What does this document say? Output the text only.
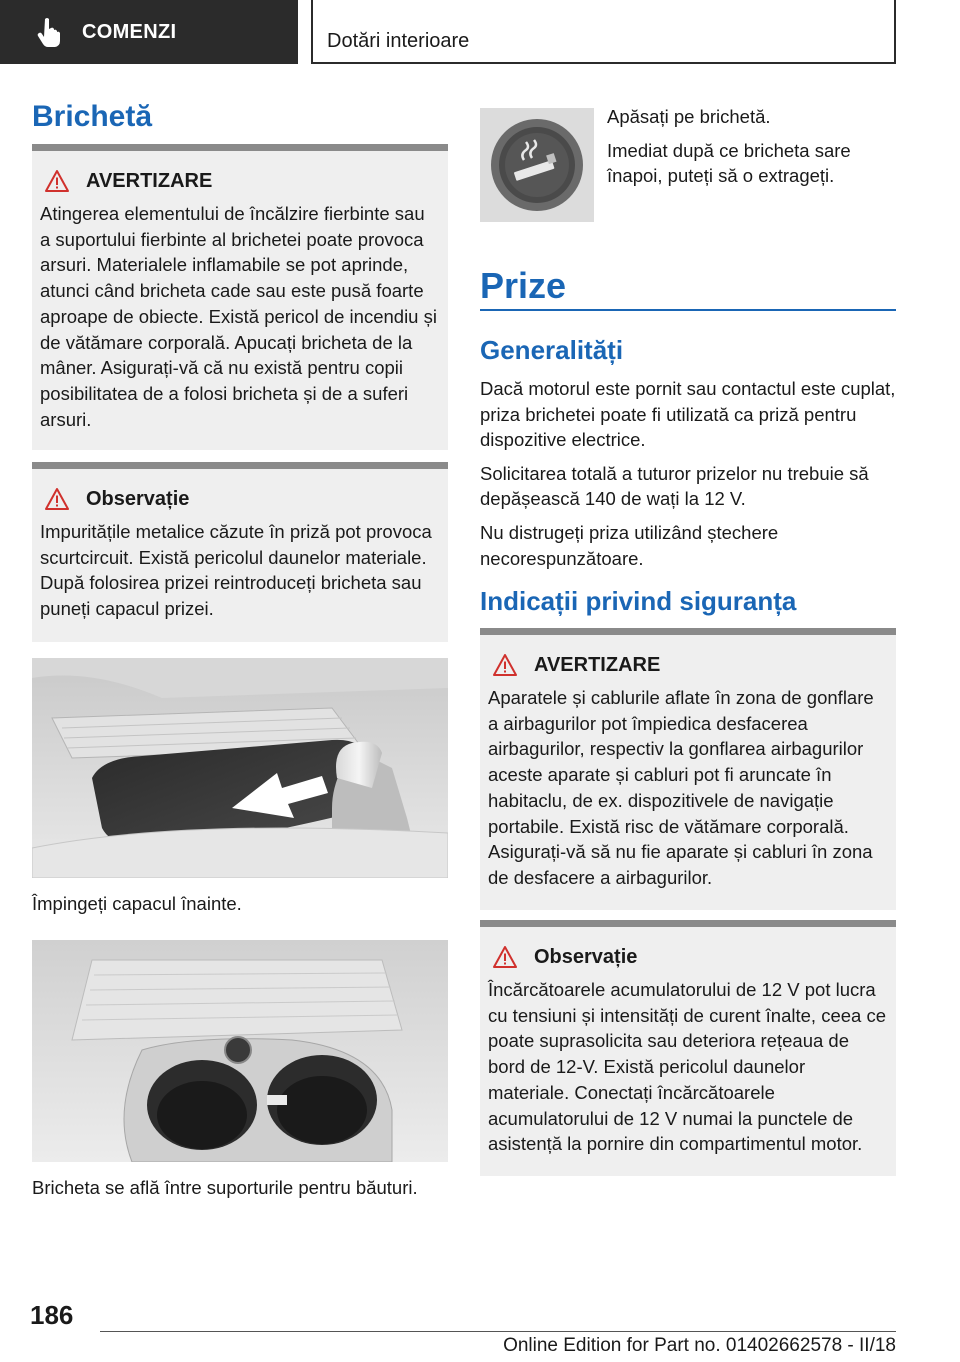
COMENZI	Dotări interioare
Brichetă
AVERTIZARE
Atingerea elementului de încălzire fierbinte sau a suportului fierbinte al brichetei poate provoca arsuri. Materialele inflamabile se pot aprinde, atunci când bricheta cade sau este pusă foarte aproape de obiecte. Există pericol de incendiu și de vătămare corporală. Apucați bricheta de la mâner. Asigurați-vă că nu există pentru copii posibilitatea de a folosi bricheta și de a suferi arsuri.
Observație
Impuritățile metalice căzute în priză pot provoca scurtcircuit. Există pericolul daunelor materiale. După folosirea prizei reintroduceți bricheta sau puneți capacul prizei.
Împingeți capacul înainte.
Bricheta se află între suporturile pentru băuturi.

Apăsați pe brichetă.

Imediat după ce bricheta sare înapoi, puteți să o extrageți.

Prize
Generalități

Dacă motorul este pornit sau contactul este cuplat, priza brichetei poate fi utilizată ca priză pentru dispozitive electrice.

Solicitarea totală a tuturor prizelor nu trebuie să depășească 140 de wați la 12 V.

Nu distrugeți priza utilizând ștechere necorespunzătoare.

Indicații privind siguranța
AVERTIZARE
Aparatele și cablurile aflate în zona de gonflare a airbagurilor pot împiedica desfacerea airbagurilor, respectiv la gonflarea airbagurilor aceste aparate și cabluri pot fi aruncate în habitaclu, de ex. dispozitivele de navigație portabile. Există risc de vătămare corporală. Asigurați-vă să nu fie aparate și cabluri în zona de desfacere a airbagurilor.
Observație
Încărcătoarele acumulatorului de 12 V pot lucra cu tensiuni și intensități de curent înalte, ceea ce poate suprasolicita sau deteriora rețeaua de bord de 12-V. Există pericolul daunelor materiale. Conectați încărcătoarele acumulatorului de 12 V numai la punctele de asistență la pornire din compartimentul motor.
186
Online Edition for Part no. 01402662578 - II/18
